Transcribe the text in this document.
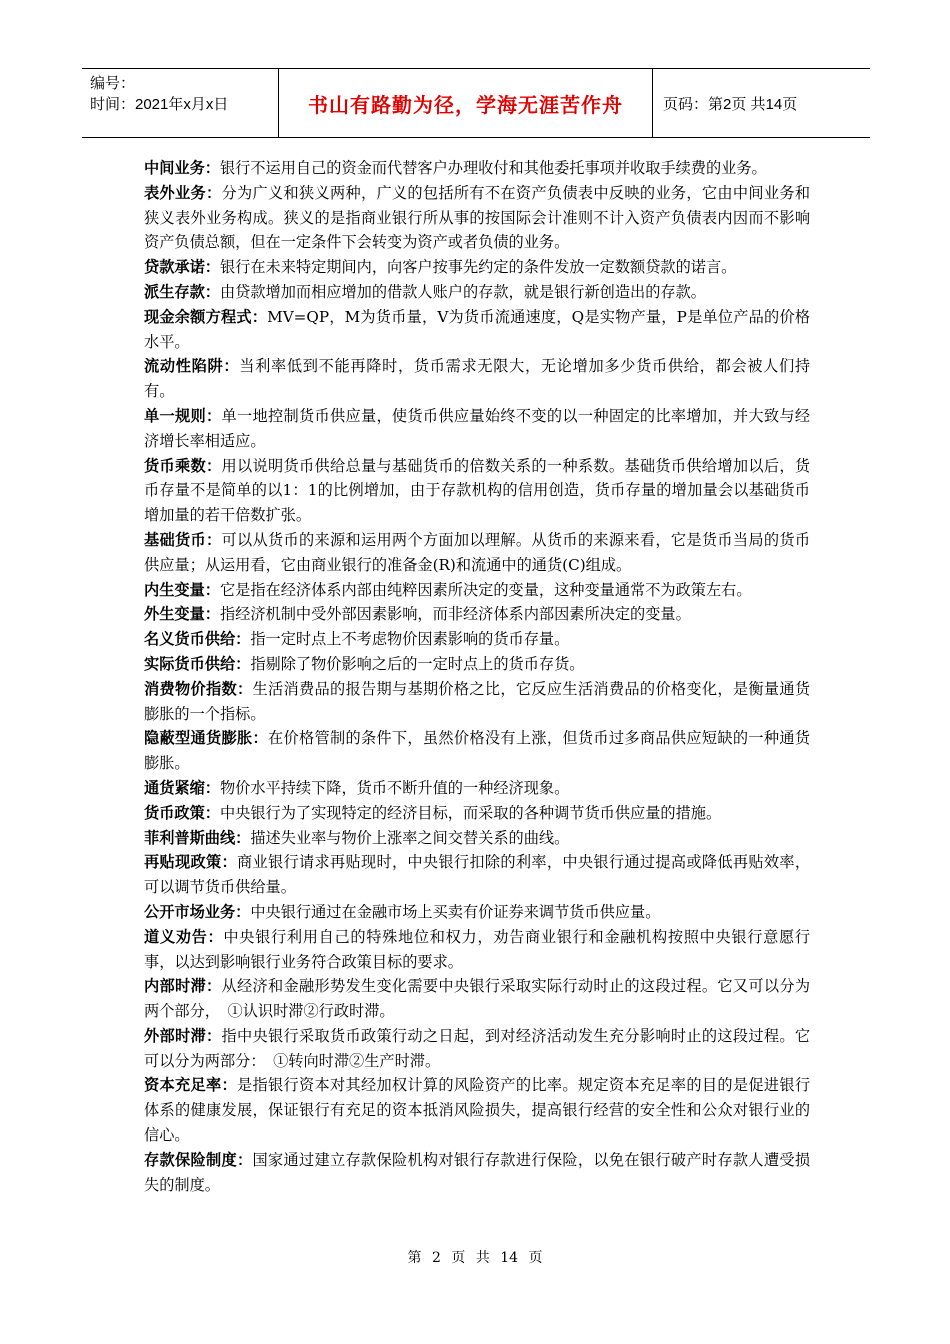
编号：
时间：2021年x月x日	书山有路勤为径，学海无涯苦作舟	页码：第2页 共14页

中间业务：银行不运用自己的资金而代替客户办理收付和其他委托事项并收取手续费的业务。

表外业务：分为广义和狭义两种，广义的包括所有不在资产负债表中反映的业务，它由中间业务和狭义表外业务构成。狭义的是指商业银行所从事的按国际会计准则不计入资产负债表内因而不影响资产负债总额，但在一定条件下会转变为资产或者负债的业务。

贷款承诺：银行在未来特定期间内，向客户按事先约定的条件发放一定数额贷款的诺言。

派生存款：由贷款增加而相应增加的借款人账户的存款，就是银行新创造出的存款。

现金余额方程式：MV=QP，M为货币量，V为货币流通速度，Q是实物产量，P是单位产品的价格水平。

流动性陷阱：当利率低到不能再降时，货币需求无限大，无论增加多少货币供给，都会被人们持有。

单一规则：单一地控制货币供应量，使货币供应量始终不变的以一种固定的比率增加，并大致与经济增长率相适应。

货币乘数：用以说明货币供给总量与基础货币的倍数关系的一种系数。基础货币供给增加以后，货币存量不是简单的以1：1的比例增加，由于存款机构的信用创造，货币存量的增加量会以基础货币增加量的若干倍数扩张。

基础货币：可以从货币的来源和运用两个方面加以理解。从货币的来源来看，它是货币当局的货币供应量；从运用看，它由商业银行的准备金(R)和流通中的通货(C)组成。

内生变量：它是指在经济体系内部由纯粹因素所决定的变量，这种变量通常不为政策左右。

外生变量：指经济机制中受外部因素影响，而非经济体系内部因素所决定的变量。

名义货币供给：指一定时点上不考虑物价因素影响的货币存量。

实际货币供给：指剔除了物价影响之后的一定时点上的货币存货。

消费物价指数：生活消费品的报告期与基期价格之比，它反应生活消费品的价格变化，是衡量通货膨胀的一个指标。

隐蔽型通货膨胀：在价格管制的条件下，虽然价格没有上涨，但货币过多商品供应短缺的一种通货膨胀。

通货紧缩：物价水平持续下降，货币不断升值的一种经济现象。

货币政策：中央银行为了实现特定的经济目标，而采取的各种调节货币供应量的措施。

菲利普斯曲线：描述失业率与物价上涨率之间交替关系的曲线。

再贴现政策：商业银行请求再贴现时，中央银行扣除的利率，中央银行通过提高或降低再贴效率，可以调节货币供给量。

公开市场业务：中央银行通过在金融市场上买卖有价证券来调节货币供应量。

道义劝告：中央银行利用自己的特殊地位和权力，劝告商业银行和金融机构按照中央银行意愿行事，以达到影响银行业务符合政策目标的要求。

内部时滞：从经济和金融形势发生变化需要中央银行采取实际行动时止的这段过程。它又可以分为两个部分，　①认识时滞②行政时滞。

外部时滞：指中央银行采取货币政策行动之日起，到对经济活动发生充分影响时止的这段过程。它可以分为两部分：　①转向时滞②生产时滞。

资本充足率：是指银行资本对其经加权计算的风险资产的比率。规定资本充足率的目的是促进银行体系的健康发展，保证银行有充足的资本抵消风险损失，提高银行经营的安全性和公众对银行业的信心。

存款保险制度：国家通过建立存款保险机构对银行存款进行保险，以免在银行破产时存款人遭受损失的制度。

第 2 页 共 14 页
